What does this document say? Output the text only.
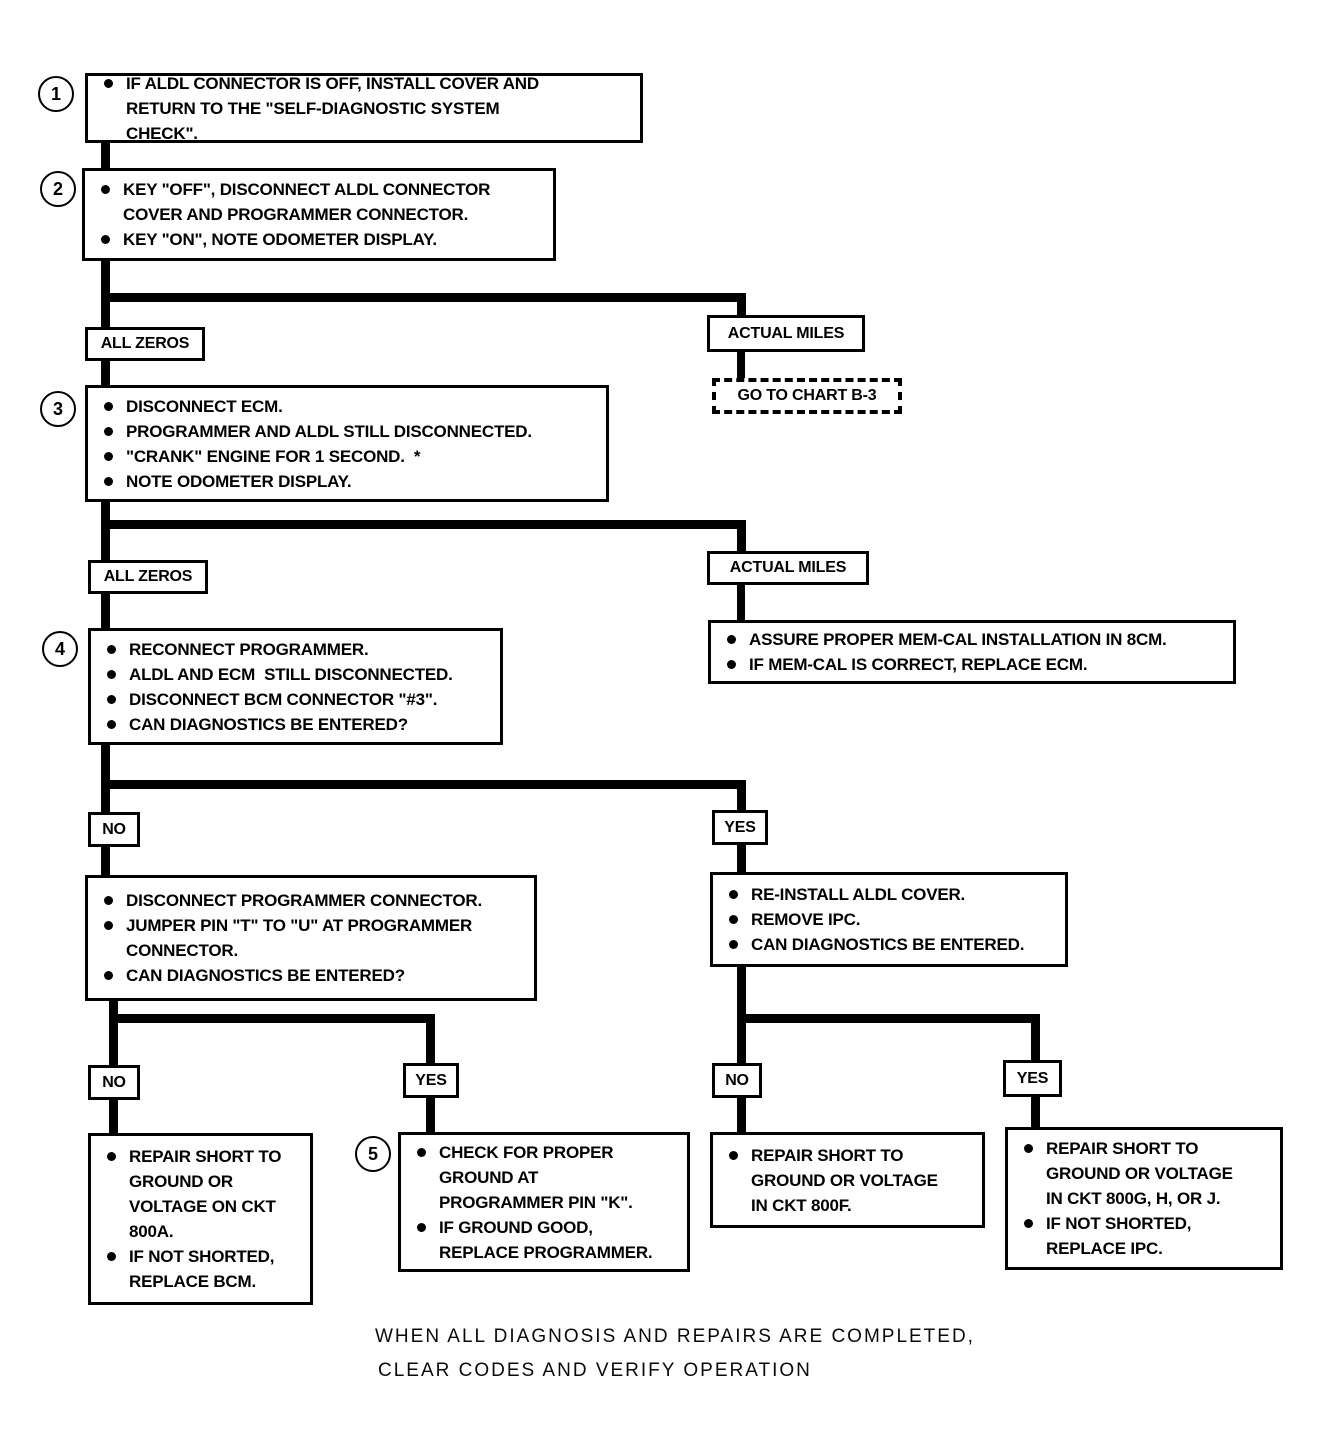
1
IF ALDL CONNECTOR IS OFF, INSTALL COVER AND RETURN TO THE "SELF-DIAGNOSTIC SYSTEM CHECK".
2	KEY "OFF", DISCONNECT ALDL CONNECTOR COVER AND PROGRAMMER CONNECTOR.
KEY "ON", NOTE ODOMETER DISPLAY.
ALL ZEROS
ACTUAL MILES
GO TO CHART B-3
3	DISCONNECT ECM.
PROGRAMMER AND ALDL STILL DISCONNECTED.
"CRANK" ENGINE FOR 1 SECOND.  *
NOTE ODOMETER DISPLAY.
ALL ZEROS
ACTUAL MILES
ASSURE PROPER MEM-CAL INSTALLATION IN 8CM.
IF MEM-CAL IS CORRECT, REPLACE ECM.
4	RECONNECT PROGRAMMER.
ALDL AND ECM  STILL DISCONNECTED.
DISCONNECT BCM CONNECTOR "#3".
CAN DIAGNOSTICS BE ENTERED?
NO	YES
DISCONNECT PROGRAMMER CONNECTOR.
JUMPER PIN "T" TO "U" AT PROGRAMMER CONNECTOR.
CAN DIAGNOSTICS BE ENTERED?
RE-INSTALL ALDL COVER.
REMOVE IPC.
CAN DIAGNOSTICS BE ENTERED.
NO	YES	NO	YES
REPAIR SHORT TO GROUND OR VOLTAGE ON CKT 800A.
IF NOT SHORTED, REPLACE BCM.
5	CHECK FOR PROPER GROUND AT PROGRAMMER PIN "K".
IF GROUND GOOD, REPLACE PROGRAMMER.
REPAIR SHORT TO GROUND OR VOLTAGE IN CKT 800F.
REPAIR SHORT TO GROUND OR VOLTAGE IN CKT 800G, H, OR J.
IF NOT SHORTED, REPLACE IPC.
WHEN ALL DIAGNOSIS AND REPAIRS ARE COMPLETED,
CLEAR CODES AND VERIFY OPERATION
